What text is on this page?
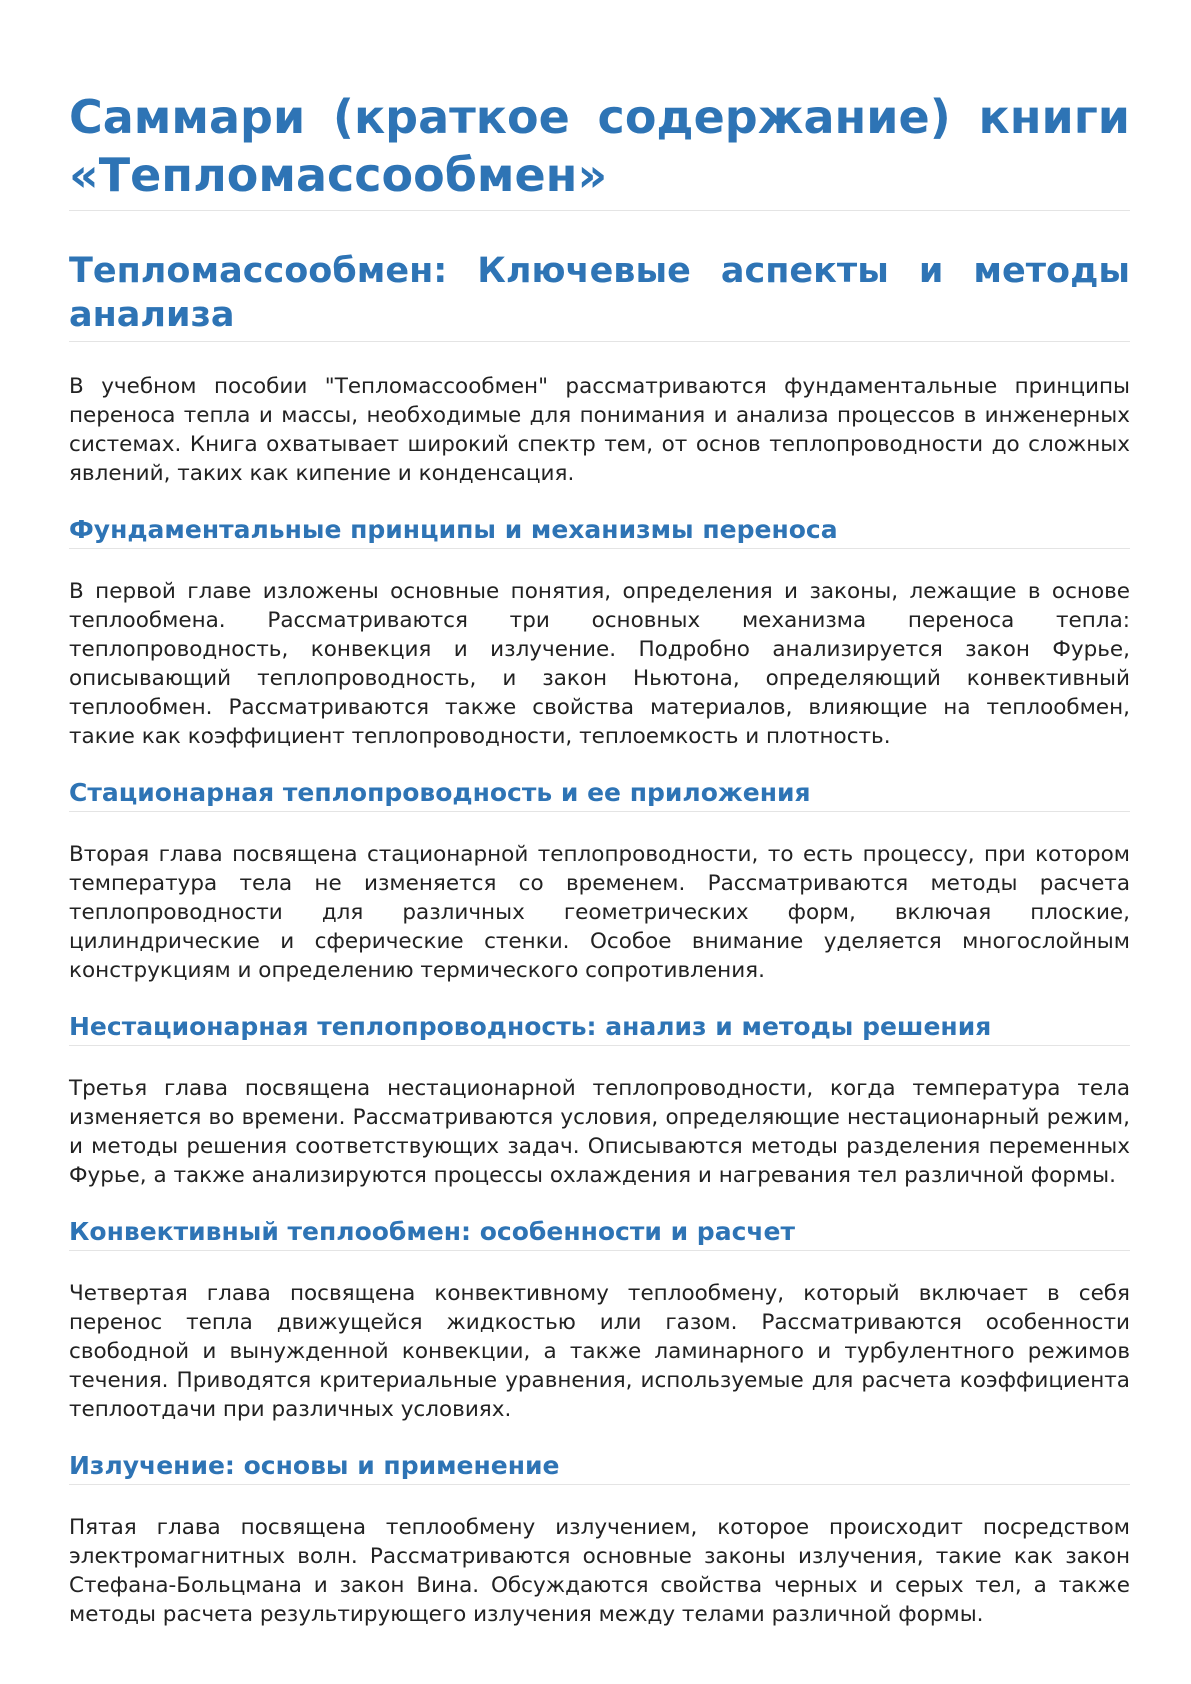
Саммари (краткое содержание) книги «Тепломассообмен»
Тепломассообмен: Ключевые аспекты и методы анализа

В учебном пособии "Тепломассообмен" рассматриваются фундаментальные принципы переноса тепла и массы, необходимые для понимания и анализа процессов в инженерных системах. Книга охватывает широкий спектр тем, от основ теплопроводности до сложных явлений, таких как кипение и конденсация.

Фундаментальные принципы и механизмы переноса

В первой главе изложены основные понятия, определения и законы, лежащие в основе теплообмена. Рассматриваются три основных механизма переноса тепла: теплопроводность, конвекция и излучение. Подробно анализируется закон Фурье, описывающий теплопроводность, и закон Ньютона, определяющий конвективный теплообмен. Рассматриваются также свойства материалов, влияющие на теплообмен, такие как коэффициент теплопроводности, теплоемкость и плотность.

Стационарная теплопроводность и ее приложения

Вторая глава посвящена стационарной теплопроводности, то есть процессу, при котором температура тела не изменяется со временем. Рассматриваются методы расчета теплопроводности для различных геометрических форм, включая плоские, цилиндрические и сферические стенки. Особое внимание уделяется многослойным конструкциям и определению термического сопротивления.

Нестационарная теплопроводность: анализ и методы решения

Третья глава посвящена нестационарной теплопроводности, когда температура тела изменяется во времени. Рассматриваются условия, определяющие нестационарный режим, и методы решения соответствующих задач. Описываются методы разделения переменных Фурье, а также анализируются процессы охлаждения и нагревания тел различной формы.

Конвективный теплообмен: особенности и расчет

Четвертая глава посвящена конвективному теплообмену, который включает в себя перенос тепла движущейся жидкостью или газом. Рассматриваются особенности свободной и вынужденной конвекции, а также ламинарного и турбулентного режимов течения. Приводятся критериальные уравнения, используемые для расчета коэффициента теплоотдачи при различных условиях.

Излучение: основы и применение

Пятая глава посвящена теплообмену излучением, которое происходит посредством электромагнитных волн. Рассматриваются основные законы излучения, такие как закон Стефана-Больцмана и закон Вина. Обсуждаются свойства черных и серых тел, а также методы расчета результирующего излучения между телами различной формы.
